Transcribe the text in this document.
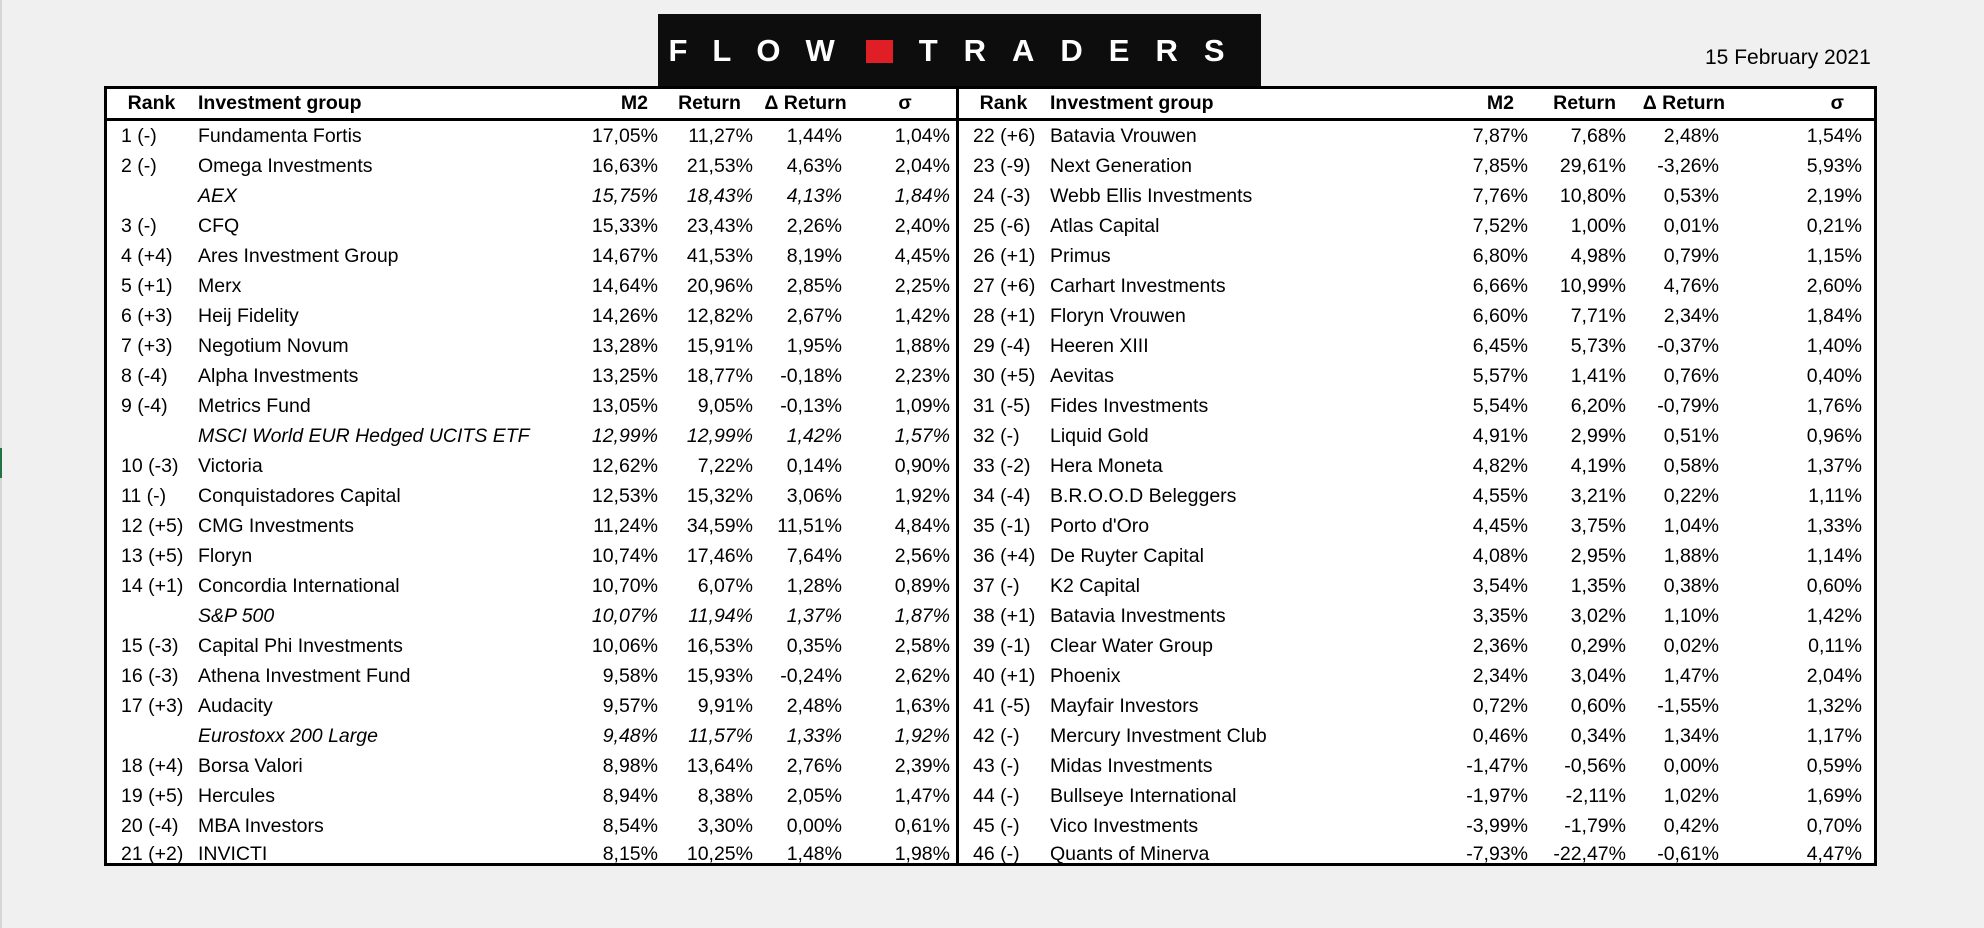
FLOW TRADERS	15 February 2021
Rank	Investment group	M2	Return	Δ Return	σ
1 (-)	Fundamenta Fortis	17,05%	11,27%	1,44%	1,04%
2 (-)	Omega Investments	16,63%	21,53%	4,63%	2,04%
	AEX	15,75%	18,43%	4,13%	1,84%
3 (-)	CFQ	15,33%	23,43%	2,26%	2,40%
4 (+4)	Ares Investment Group	14,67%	41,53%	8,19%	4,45%
5 (+1)	Merx	14,64%	20,96%	2,85%	2,25%
6 (+3)	Heij Fidelity	14,26%	12,82%	2,67%	1,42%
7 (+3)	Negotium Novum	13,28%	15,91%	1,95%	1,88%
8 (-4)	Alpha Investments	13,25%	18,77%	-0,18%	2,23%
9 (-4)	Metrics Fund	13,05%	9,05%	-0,13%	1,09%
	MSCI World EUR Hedged UCITS ETF	12,99%	12,99%	1,42%	1,57%
10 (-3)	Victoria	12,62%	7,22%	0,14%	0,90%
11 (-)	Conquistadores Capital	12,53%	15,32%	3,06%	1,92%
12 (+5)	CMG Investments	11,24%	34,59%	11,51%	4,84%
13 (+5)	Floryn	10,74%	17,46%	7,64%	2,56%
14 (+1)	Concordia International	10,70%	6,07%	1,28%	0,89%
	S&P 500	10,07%	11,94%	1,37%	1,87%
15 (-3)	Capital Phi Investments	10,06%	16,53%	0,35%	2,58%
16 (-3)	Athena Investment Fund	9,58%	15,93%	-0,24%	2,62%
17 (+3)	Audacity	9,57%	9,91%	2,48%	1,63%
	Eurostoxx 200 Large	9,48%	11,57%	1,33%	1,92%
18 (+4)	Borsa Valori	8,98%	13,64%	2,76%	2,39%
19 (+5)	Hercules	8,94%	8,38%	2,05%	1,47%
20 (-4)	MBA Investors	8,54%	3,30%	0,00%	0,61%
21 (+2)	INVICTI	8,15%	10,25%	1,48%	1,98%
Rank	Investment group	M2	Return	Δ Return	σ
22 (+6)	Batavia Vrouwen	7,87%	7,68%	2,48%	1,54%
23 (-9)	Next Generation	7,85%	29,61%	-3,26%	5,93%
24 (-3)	Webb Ellis Investments	7,76%	10,80%	0,53%	2,19%
25 (-6)	Atlas Capital	7,52%	1,00%	0,01%	0,21%
26 (+1)	Primus	6,80%	4,98%	0,79%	1,15%
27 (+6)	Carhart Investments	6,66%	10,99%	4,76%	2,60%
28 (+1)	Floryn Vrouwen	6,60%	7,71%	2,34%	1,84%
29 (-4)	Heeren XIII	6,45%	5,73%	-0,37%	1,40%
30 (+5)	Aevitas	5,57%	1,41%	0,76%	0,40%
31 (-5)	Fides Investments	5,54%	6,20%	-0,79%	1,76%
32 (-)	Liquid Gold	4,91%	2,99%	0,51%	0,96%
33 (-2)	Hera Moneta	4,82%	4,19%	0,58%	1,37%
34 (-4)	B.R.O.O.D Beleggers	4,55%	3,21%	0,22%	1,11%
35 (-1)	Porto d'Oro	4,45%	3,75%	1,04%	1,33%
36 (+4)	De Ruyter Capital	4,08%	2,95%	1,88%	1,14%
37 (-)	K2 Capital	3,54%	1,35%	0,38%	0,60%
38 (+1)	Batavia Investments	3,35%	3,02%	1,10%	1,42%
39 (-1)	Clear Water Group	2,36%	0,29%	0,02%	0,11%
40 (+1)	Phoenix	2,34%	3,04%	1,47%	2,04%
41 (-5)	Mayfair Investors	0,72%	0,60%	-1,55%	1,32%
42 (-)	Mercury Investment Club	0,46%	0,34%	1,34%	1,17%
43 (-)	Midas Investments	-1,47%	-0,56%	0,00%	0,59%
44 (-)	Bullseye International	-1,97%	-2,11%	1,02%	1,69%
45 (-)	Vico Investments	-3,99%	-1,79%	0,42%	0,70%
46 (-)	Quants of Minerva	-7,93%	-22,47%	-0,61%	4,47%
